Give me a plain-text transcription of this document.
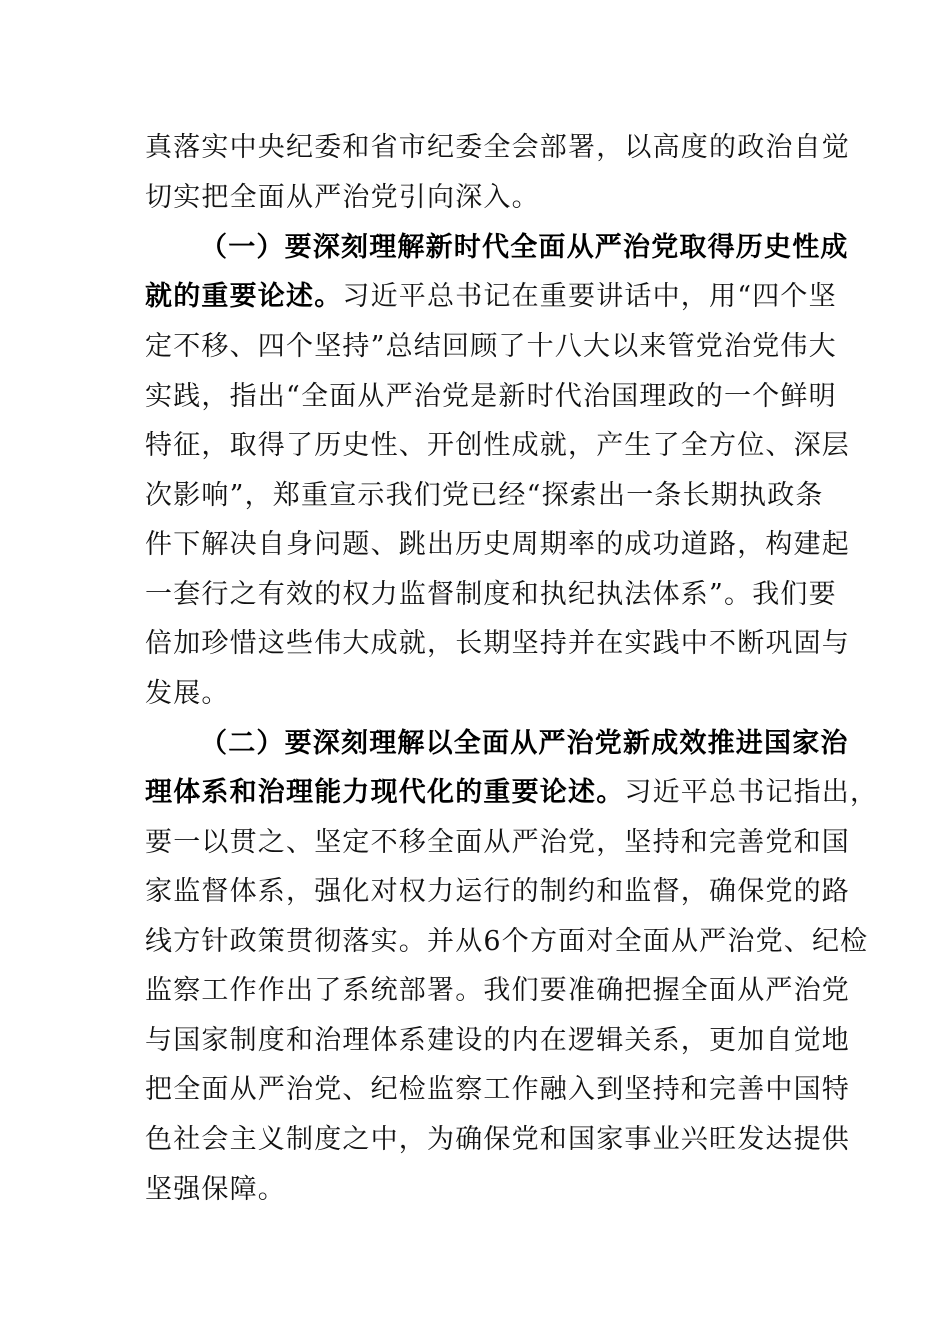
真落实中央纪委和省市纪委全会部署，以高度的政治自觉
切实把全面从严治党引向深入。
（一）要深刻理解新时代全面从严治党取得历史性成
就的重要论述。习近平总书记在重要讲话中，用“四个坚
定不移、四个坚持”总结回顾了十八大以来管党治党伟大
实践，指出“全面从严治党是新时代治国理政的一个鲜明
特征，取得了历史性、开创性成就，产生了全方位、深层
次影响”，郑重宣示我们党已经“探索出一条长期执政条
件下解决自身问题、跳出历史周期率的成功道路，构建起
一套行之有效的权力监督制度和执纪执法体系”。我们要
倍加珍惜这些伟大成就，长期坚持并在实践中不断巩固与
发展。
（二）要深刻理解以全面从严治党新成效推进国家治
理体系和治理能力现代化的重要论述。习近平总书记指出，
要一以贯之、坚定不移全面从严治党，坚持和完善党和国
家监督体系，强化对权力运行的制约和监督，确保党的路
线方针政策贯彻落实。并从6个方面对全面从严治党、纪检
监察工作作出了系统部署。我们要准确把握全面从严治党
与国家制度和治理体系建设的内在逻辑关系，更加自觉地
把全面从严治党、纪检监察工作融入到坚持和完善中国特
色社会主义制度之中，为确保党和国家事业兴旺发达提供
坚强保障。
